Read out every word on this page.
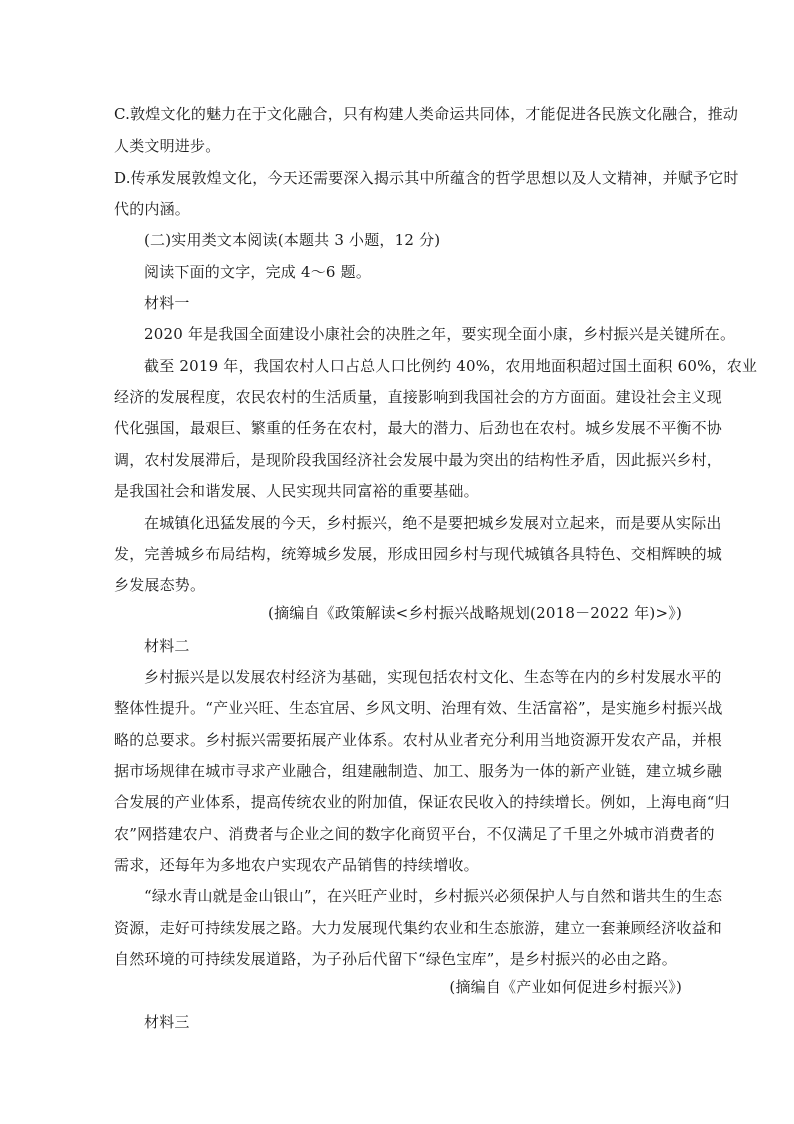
C.敦煌文化的魅力在于文化融合，只有构建人类命运共同体，才能促进各民族文化融合，推动

人类文明进步。

D.传承发展敦煌文化，今天还需要深入揭示其中所蕴含的哲学思想以及人文精神，并赋予它时

代的内涵。

(二)实用类文本阅读(本题共 3 小题，12 分)

阅读下面的文字，完成 4～6 题。

材料一

2020 年是我国全面建设小康社会的决胜之年，要实现全面小康，乡村振兴是关键所在。

截至 2019 年，我国农村人口占总人口比例约 40%，农用地面积超过国土面积 60%，农业

经济的发展程度，农民农村的生活质量，直接影响到我国社会的方方面面。建设社会主义现

代化强国，最艰巨、繁重的任务在农村，最大的潜力、后劲也在农村。城乡发展不平衡不协

调，农村发展滞后，是现阶段我国经济社会发展中最为突出的结构性矛盾，因此振兴乡村，

是我国社会和谐发展、人民实现共同富裕的重要基础。

在城镇化迅猛发展的今天，乡村振兴，绝不是要把城乡发展对立起来，而是要从实际出

发，完善城乡布局结构，统筹城乡发展，形成田园乡村与现代城镇各具特色、交相辉映的城

乡发展态势。

(摘编自《政策解读<乡村振兴战略规划(2018－2022 年)>》)

材料二

乡村振兴是以发展农村经济为基础，实现包括农村文化、生态等在内的乡村发展水平的

整体性提升。“产业兴旺、生态宜居、乡风文明、治理有效、生活富裕”，是实施乡村振兴战

略的总要求。乡村振兴需要拓展产业体系。农村从业者充分利用当地资源开发农产品，并根

据市场规律在城市寻求产业融合，组建融制造、加工、服务为一体的新产业链，建立城乡融

合发展的产业体系，提高传统农业的附加值，保证农民收入的持续增长。例如，上海电商“归

农”网搭建农户、消费者与企业之间的数字化商贸平台，不仅满足了千里之外城市消费者的

需求，还每年为多地农户实现农产品销售的持续增收。

“绿水青山就是金山银山”，在兴旺产业时，乡村振兴必须保护人与自然和谐共生的生态

资源，走好可持续发展之路。大力发展现代集约农业和生态旅游，建立一套兼顾经济收益和

自然环境的可持续发展道路，为子孙后代留下“绿色宝库”，是乡村振兴的必由之路。

(摘编自《产业如何促进乡村振兴》)

材料三
